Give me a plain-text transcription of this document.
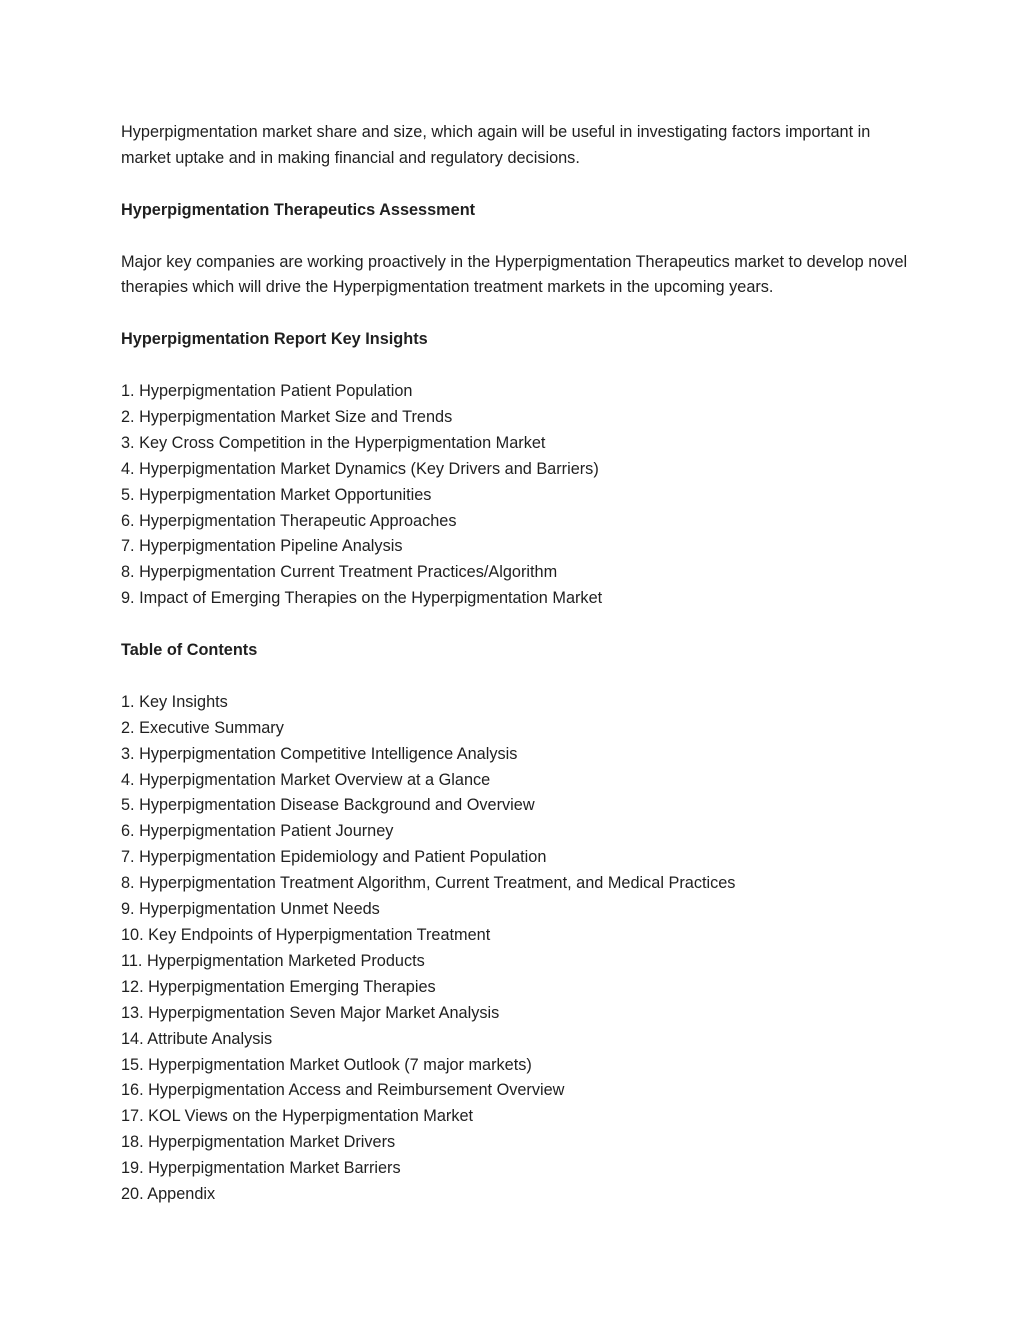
Hyperpigmentation market share and size, which again will be useful in investigating factors important in market uptake and in making financial and regulatory decisions.

Hyperpigmentation Therapeutics Assessment

Major key companies are working proactively in the Hyperpigmentation Therapeutics market to develop novel therapies which will drive the Hyperpigmentation treatment markets in the upcoming years.

Hyperpigmentation Report Key Insights

1. Hyperpigmentation Patient Population
2. Hyperpigmentation Market Size and Trends
3. Key Cross Competition in the Hyperpigmentation Market
4. Hyperpigmentation Market Dynamics (Key Drivers and Barriers)
5. Hyperpigmentation Market Opportunities
6. Hyperpigmentation Therapeutic Approaches
7. Hyperpigmentation Pipeline Analysis
8. Hyperpigmentation Current Treatment Practices/Algorithm
9. Impact of Emerging Therapies on the Hyperpigmentation Market

Table of Contents

1. Key Insights
2. Executive Summary
3. Hyperpigmentation Competitive Intelligence Analysis
4. Hyperpigmentation Market Overview at a Glance
5. Hyperpigmentation Disease Background and Overview
6. Hyperpigmentation Patient Journey
7. Hyperpigmentation Epidemiology and Patient Population
8. Hyperpigmentation Treatment Algorithm, Current Treatment, and Medical Practices
9. Hyperpigmentation Unmet Needs
10. Key Endpoints of Hyperpigmentation Treatment
11. Hyperpigmentation Marketed Products
12. Hyperpigmentation Emerging Therapies
13. Hyperpigmentation Seven Major Market Analysis
14. Attribute Analysis
15. Hyperpigmentation Market Outlook (7 major markets)
16. Hyperpigmentation Access and Reimbursement Overview
17. KOL Views on the Hyperpigmentation Market
18. Hyperpigmentation Market Drivers
19. Hyperpigmentation Market Barriers
20. Appendix
